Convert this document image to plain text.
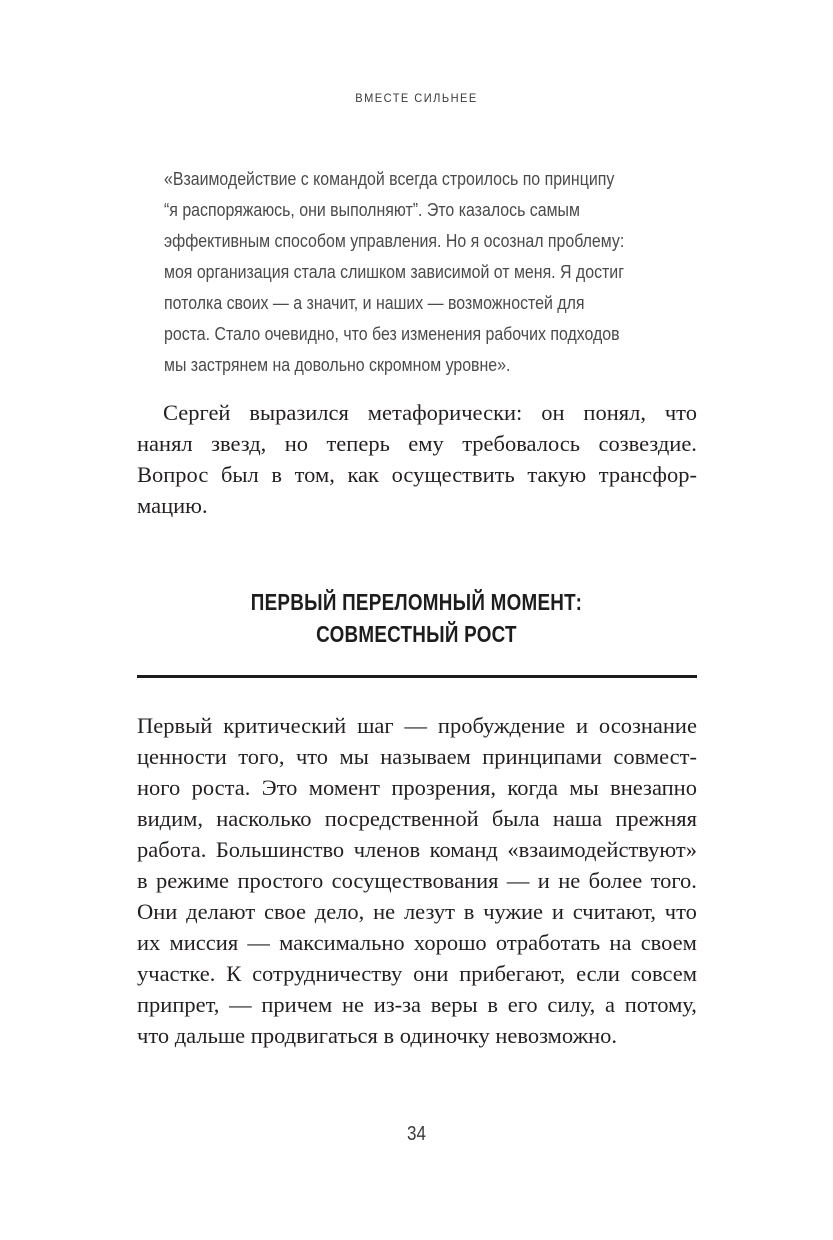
ВМЕСТЕ СИЛЬНЕЕ
«Взаимодействие с командой всегда строилось по принципу
“я распоряжаюсь, они выполняют”. Это казалось самым
эффективным способом управления. Но я осознал проблему:
моя организация стала слишком зависимой от меня. Я достиг
потолка своих — а значит, и наших — возможностей для
роста. Стало очевидно, что без изменения рабочих подходов
мы застрянем на довольно скромном уровне».
Сергей выразился метафорически: он понял, что
нанял звезд, но теперь ему требовалось созвездие.
Вопрос был в том, как осуществить такую трансфор-
мацию.
ПЕРВЫЙ ПЕРЕЛОМНЫЙ МОМЕНТ:
СОВМЕСТНЫЙ РОСТ
Первый критический шаг — пробуждение и осознание
ценности того, что мы называем принципами совмест-
ного роста. Это момент прозрения, когда мы внезапно
видим, насколько посредственной была наша прежняя
работа. Большинство членов команд «взаимодействуют»
в режиме простого сосуществования — и не более того.
Они делают свое дело, не лезут в чужие и считают, что
их миссия — максимально хорошо отработать на своем
участке. К сотрудничеству они прибегают, если совсем
припрет, — причем не из-за веры в его силу, а потому,
что дальше продвигаться в одиночку невозможно.
34
